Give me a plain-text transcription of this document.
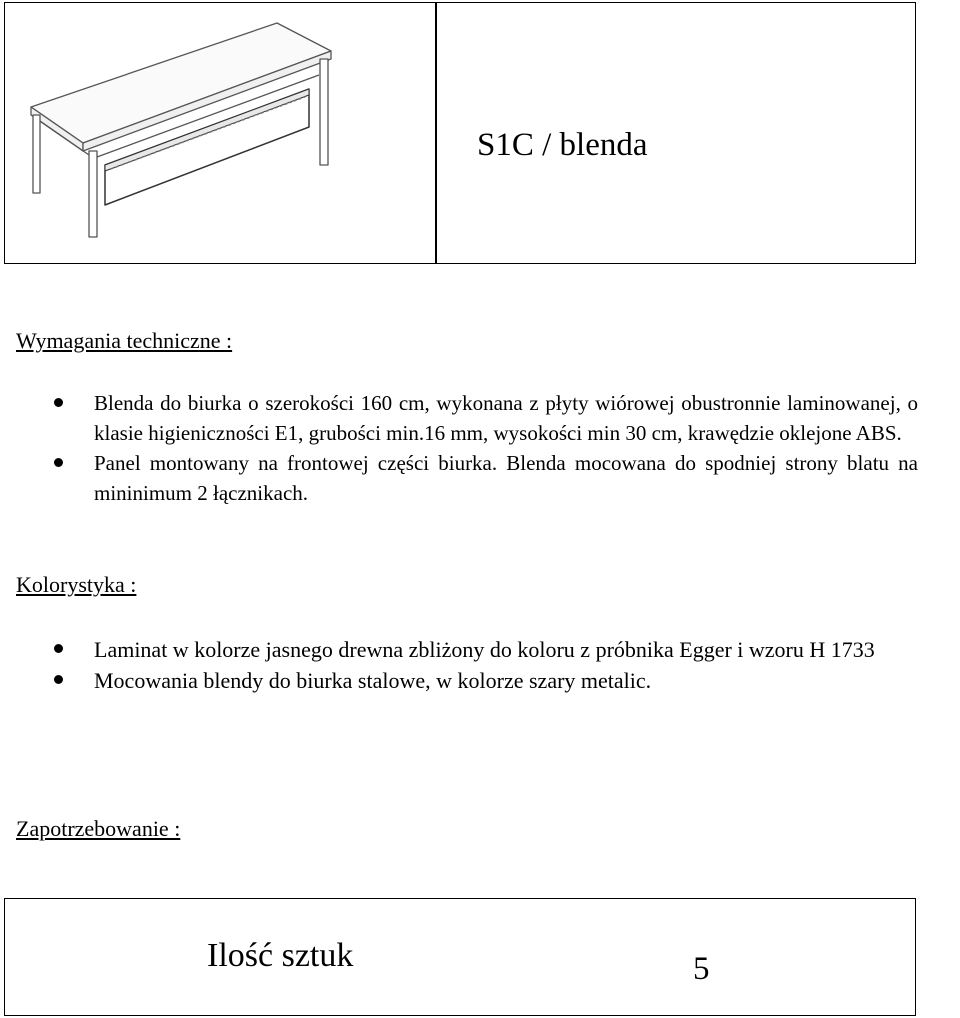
S1C / blenda
Wymagania techniczne :

Blenda do biurka o szerokości 160 cm, wykonana z płyty wiórowej obustronnie laminowanej, o klasie higieniczności E1, grubości min.16 mm, wysokości min 30 cm, krawędzie oklejone ABS.

Panel montowany na frontowej części biurka. Blenda mocowana do spodniej strony blatu na mininimum 2 łącznikach.

Kolorystyka :

Laminat w kolorze jasnego drewna zbliżony do koloru z próbnika Egger i wzoru H 1733

Mocowania blendy do biurka stalowe, w kolorze szary metalic.

Zapotrzebowanie :
Ilość sztuk	5
